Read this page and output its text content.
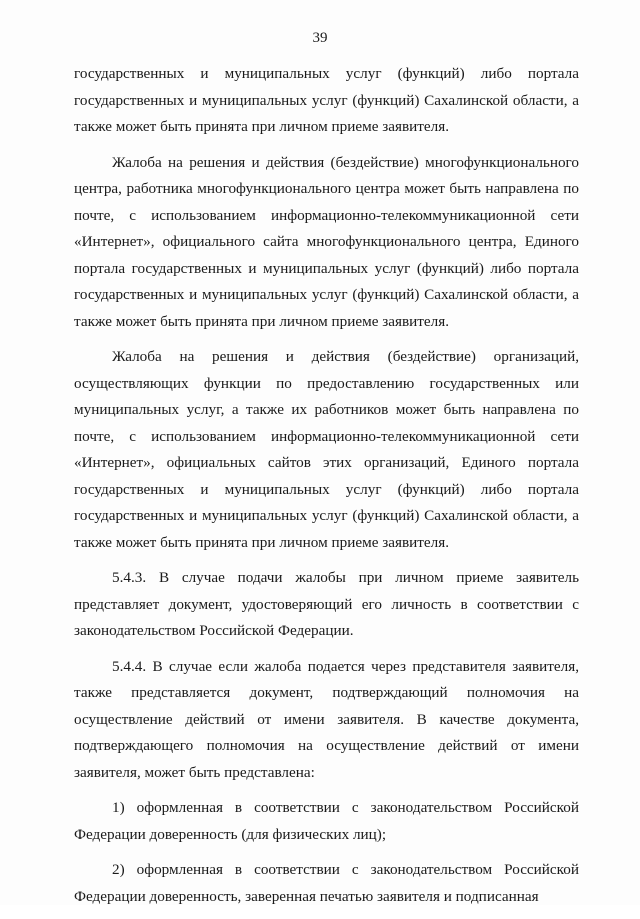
39

государственных и муниципальных услуг (функций) либо портала государственных и муниципальных услуг (функций) Сахалинской области, а также может быть принята при личном приеме заявителя.

Жалоба на решения и действия (бездействие) многофункционального центра, работника многофункционального центра может быть направлена по почте, с использованием информационно-телекоммуникационной сети «Интернет», официального сайта многофункционального центра, Единого портала государственных и муниципальных услуг (функций) либо портала государственных и муниципальных услуг (функций) Сахалинской области, а также может быть принята при личном приеме заявителя.

Жалоба на решения и действия (бездействие) организаций, осуществляющих функции по предоставлению государственных или муниципальных услуг, а также их работников может быть направлена по почте, с использованием информационно-телекоммуникационной сети «Интернет», официальных сайтов этих организаций, Единого портала государственных и муниципальных услуг (функций) либо портала государственных и муниципальных услуг (функций) Сахалинской области, а также может быть принята при личном приеме заявителя.

5.4.3. В случае подачи жалобы при личном приеме заявитель представляет документ, удостоверяющий его личность в соответствии с законодательством Российской Федерации.

5.4.4. В случае если жалоба подается через представителя заявителя, также представляется документ, подтверждающий полномочия на осуществление действий от имени заявителя. В качестве документа, подтверждающего полномочия на осуществление действий от имени заявителя, может быть представлена:

1) оформленная в соответствии с законодательством Российской Федерации доверенность (для физических лиц);

2) оформленная в соответствии с законодательством Российской Федерации доверенность, заверенная печатью заявителя и подписанная
